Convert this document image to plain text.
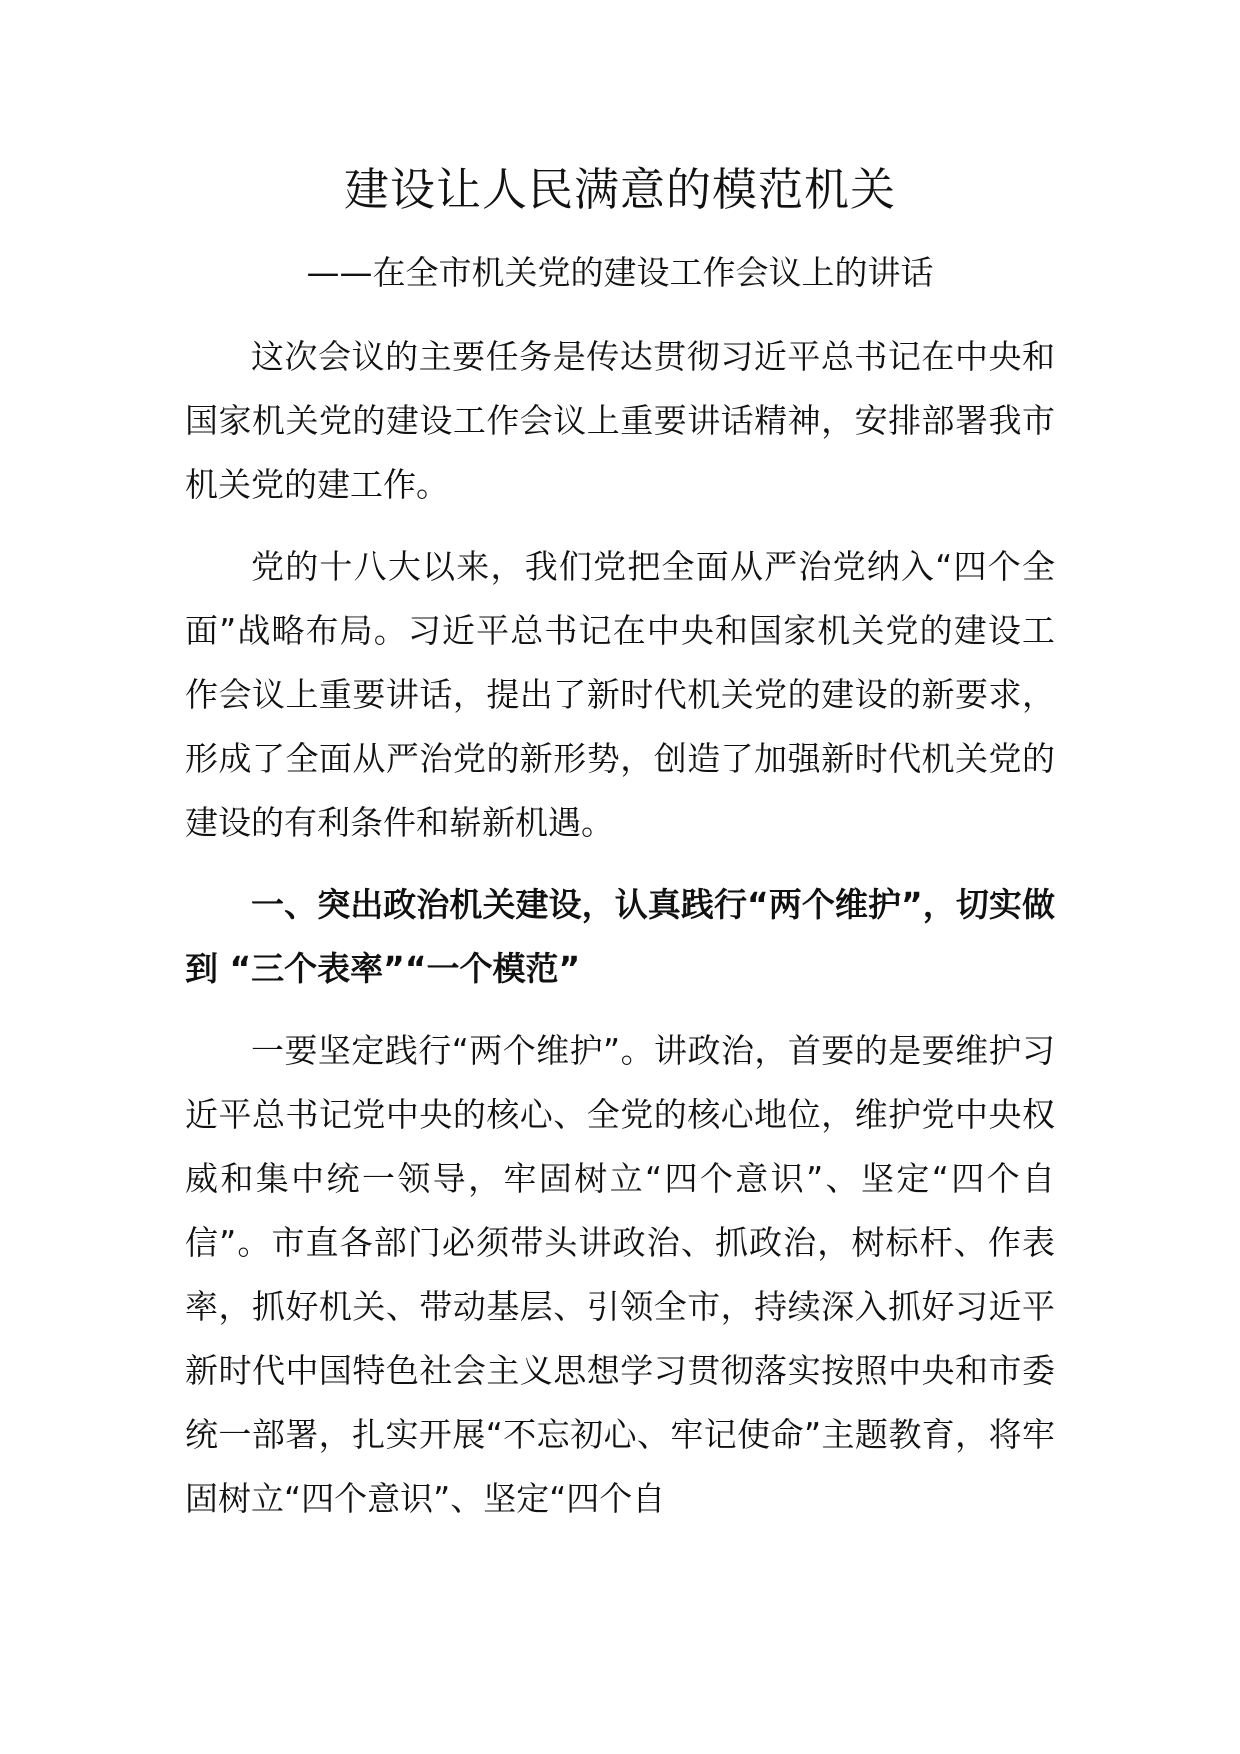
建设让人民满意的模范机关
——在全市机关党的建设工作会议上的讲话

这次会议的主要任务是传达贯彻习近平总书记在中央和国家机关党的建设工作会议上重要讲话精神，安排部署我市机关党的建工作。

党的十八大以来，我们党把全面从严治党纳入“四个全面”战略布局。习近平总书记在中央和国家机关党的建设工作会议上重要讲话，提出了新时代机关党的建设的新要求，形成了全面从严治党的新形势，创造了加强新时代机关党的建设的有利条件和崭新机遇。

一、突出政治机关建设，认真践行“两个维护”，切实做到 “三个表率”“一个模范”

一要坚定践行“两个维护”。讲政治，首要的是要维护习近平总书记党中央的核心、全党的核心地位，维护党中央权威和集中统一领导，牢固树立“四个意识”、坚定“四个自信”。市直各部门必须带头讲政治、抓政治，树标杆、作表率，抓好机关、带动基层、引领全市，持续深入抓好习近平新时代中国特色社会主义思想学习贯彻落实按照中央和市委统一部署，扎实开展“不忘初心、牢记使命”主题教育，将牢固树立“四个意识”、坚定“四个自
